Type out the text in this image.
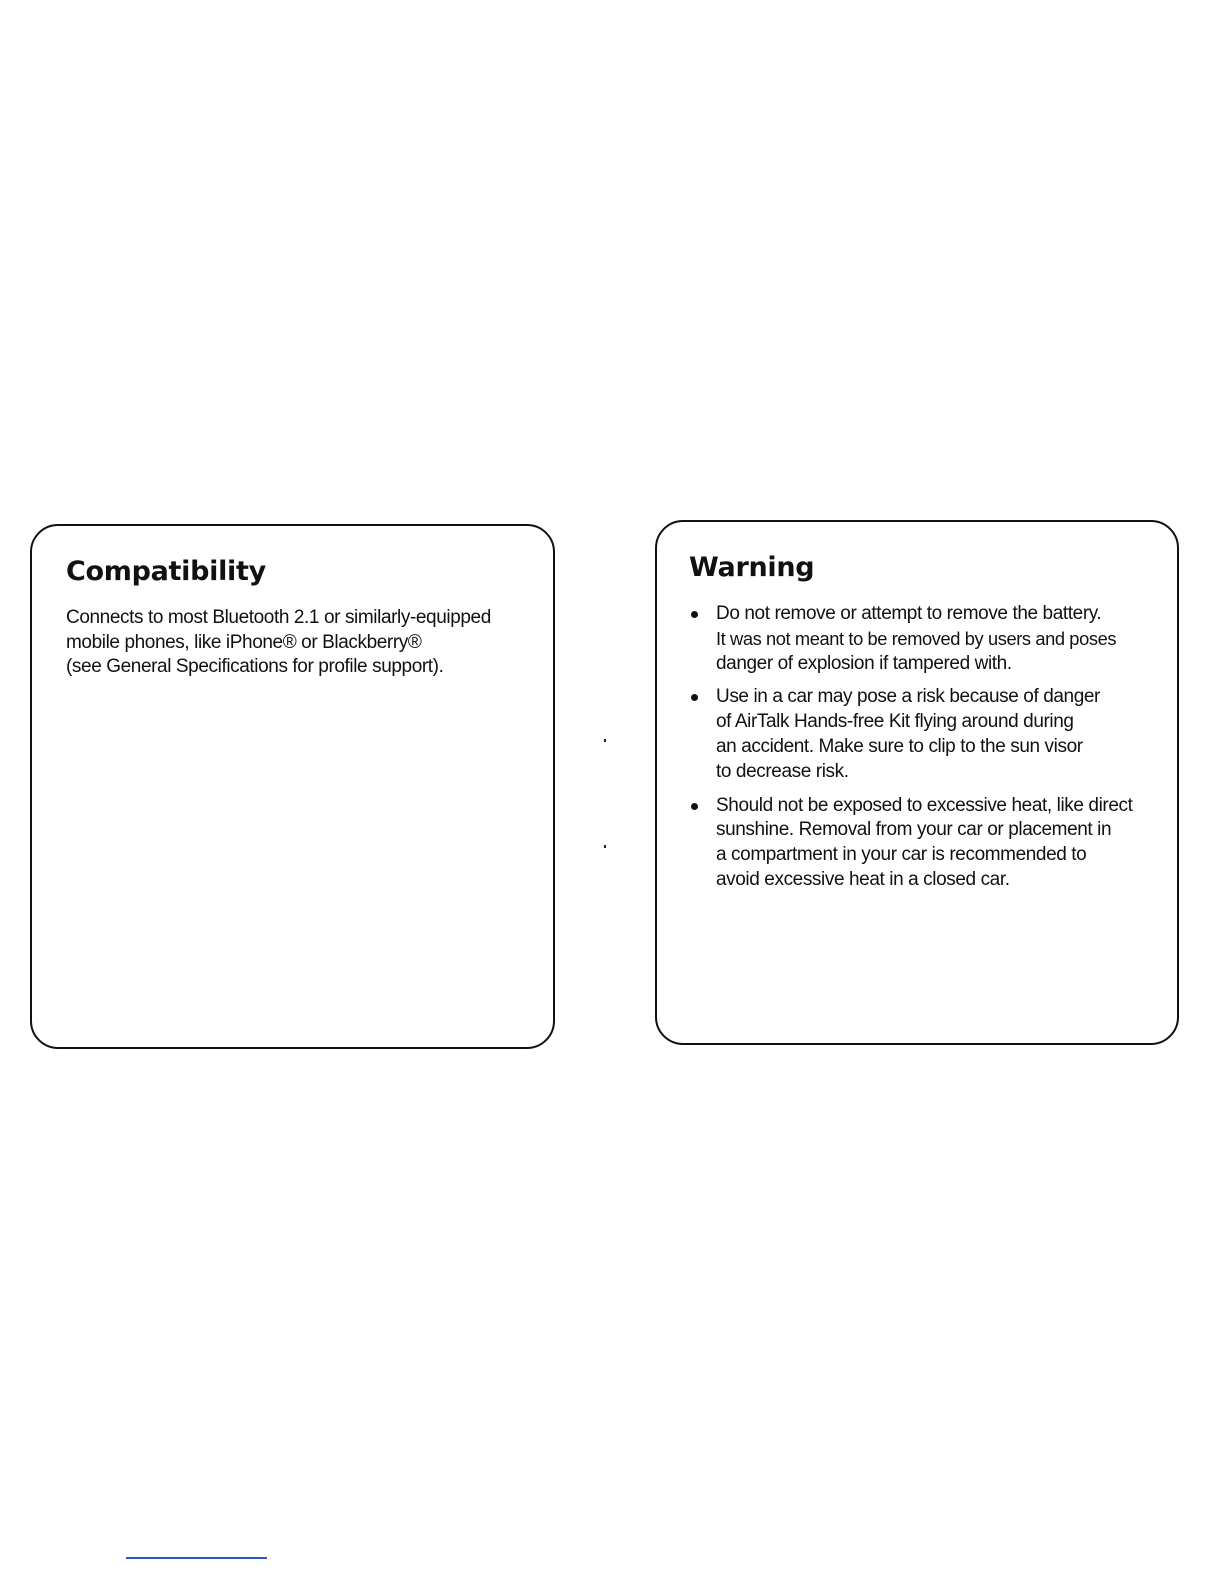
Compatibility

Connects to most Bluetooth 2.1 or similarly-equipped
mobile phones, like iPhone® or Blackberry®
(see General Specifications for profile support).

Warning
Do not remove or attempt to remove the battery.
It was not meant to be removed by users and poses
danger of explosion if tampered with.
Use in a car may pose a risk because of danger
of AirTalk Hands-free Kit flying around during
an accident. Make sure to clip to the sun visor
to decrease risk.
Should not be exposed to excessive heat, like direct
sunshine. Removal from your car or placement in
a compartment in your car is recommended to
avoid excessive heat in a closed car.
